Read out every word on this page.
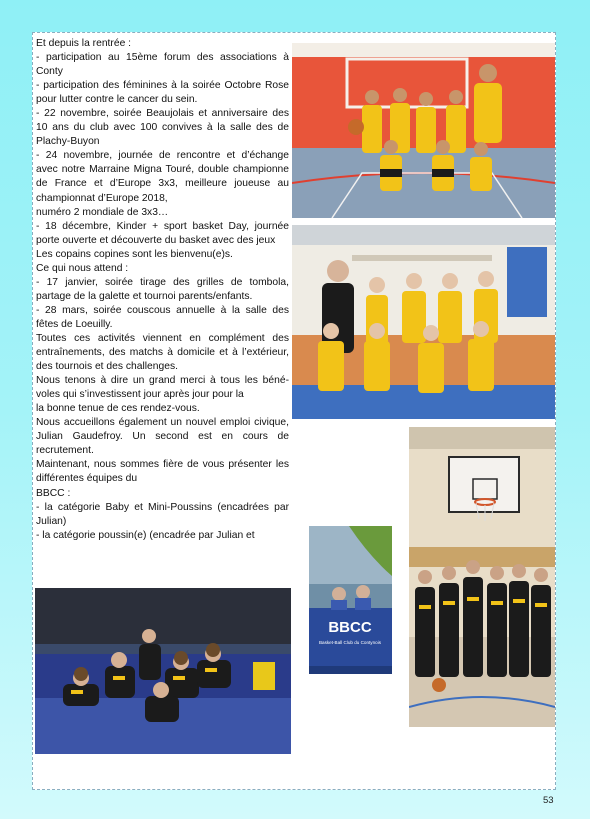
Et depuis la rentrée :

- participation au 15ème forum des associations à Conty

- participation des féminines à la soirée Octobre Rose pour lutter contre le cancer du sein.

- 22 novembre, soirée Beaujolais et anniversaire des 10 ans du club avec 100 convives à la salle des de Plachy-Buyon

- 24 novembre, journée de rencontre et d’échange avec notre Marraine Migna Touré, double championne de France et d’Europe 3x3, meilleure joueuse au championnat d’Europe 2018,

numéro 2 mondiale de 3x3…

- 18 décembre, Kinder + sport basket Day, journée porte ouverte et découverte du basket avec des jeux

Les copains copines sont les bienvenu(e)s.

Ce qui nous attend :

- 17 janvier, soirée tirage des grilles de tombola, partage de la galette et tournoi parents/enfants.

- 28 mars, soirée couscous annuelle à la salle des fêtes de Loeuilly.

Toutes ces activités viennent en complément des entraînements, des matchs à domicile et à l’extérieur, des tournois et des challenges.

Nous tenons à dire un grand merci à tous les béné-voles qui s’investissent jour après jour pour la

la bonne tenue de ces rendez-vous.

Nous accueillons également un nouvel emploi civique, Julian Gaudefroy. Un second est en cours de recrutement.

Maintenant, nous sommes fière de vous présenter les différentes équipes du

BBCC :

- la catégorie Baby et Mini-Poussins (encadrées par Julian)

- la catégorie poussin(e) (encadrée par Julian et

BBCC
Basket-Ball Club du Contynois
53
